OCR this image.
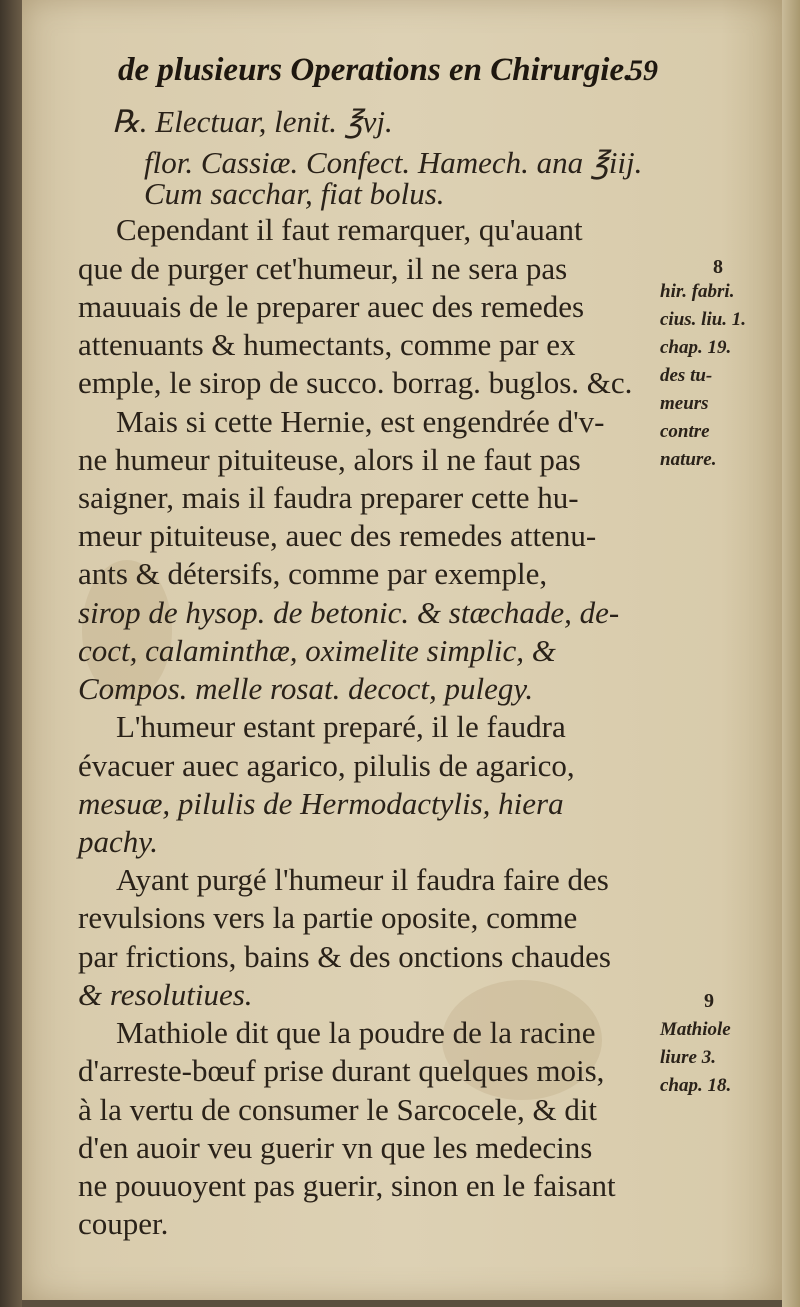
de plusieurs Operations en Chirurgie.
59
℞. Electuar, lenit. ℥vj.
flor. Cassiæ. Confect. Hamech. ana ℥iij.
Cum sacchar, fiat bolus.
Cependant il faut remarquer, qu'auant
que de purger cet'humeur, il ne sera pas
mauuais de le preparer auec des remedes
attenuants & humectants, comme par ex
emple, le sirop de succo. borrag. buglos. &c.
Mais si cette Hernie, est engendrée d'v-
ne humeur pituiteuse, alors il ne faut pas
saigner, mais il faudra preparer cette hu-
meur pituiteuse, auec des remedes attenu-
ants & détersifs, comme par exemple,
sirop de hysop. de betonic. & stæchade, de-
coct, calaminthæ, oximelite simplic, &
Compos. melle rosat. decoct, pulegy.
L'humeur estant preparé, il le faudra
évacuer auec agarico, pilulis de agarico,
mesuæ, pilulis de Hermodactylis, hiera
pachy.
Ayant purgé l'humeur il faudra faire des
revulsions vers la partie oposite, comme
par frictions, bains & des onctions chaudes
& resolutiues.
Mathiole dit que la poudre de la racine
d'arreste-bœuf prise durant quelques mois,
à la vertu de consumer le Sarcocele, & dit
d'en auoir veu guerir vn que les medecins
ne pouuoyent pas guerir, sinon en le faisant
couper.
8
hir. fabri.
cius. liu. 1.
chap. 19.
des tu-
meurs
contre
nature.
9
Mathiole
liure 3.
chap. 18.
